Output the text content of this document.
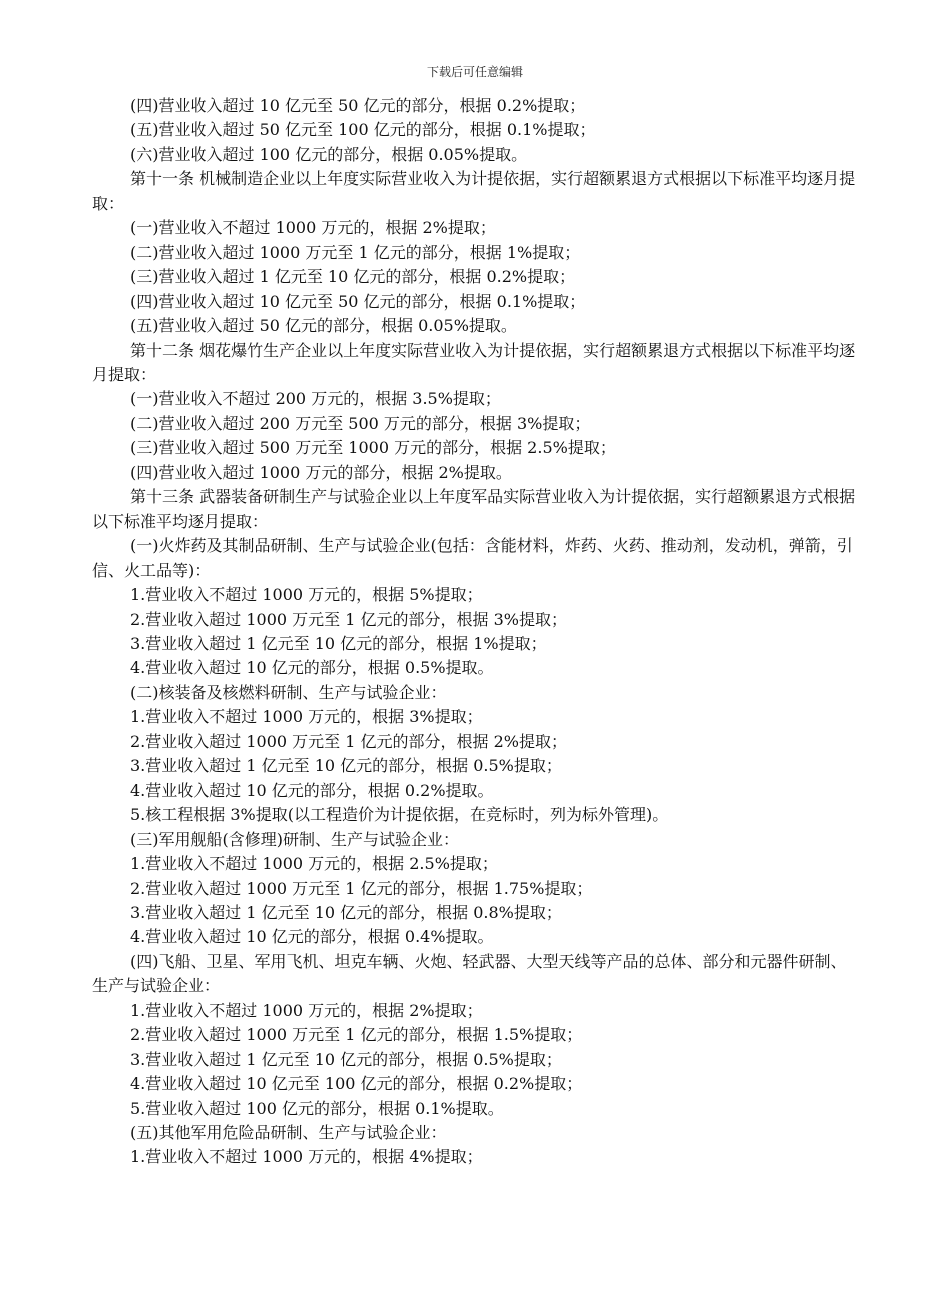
下载后可任意编辑

(四)营业收入超过 10 亿元至 50 亿元的部分，根据 0.2%提取；

(五)营业收入超过 50 亿元至 100 亿元的部分，根据 0.1%提取；

(六)营业收入超过 100 亿元的部分，根据 0.05%提取。

第十一条 机械制造企业以上年度实际营业收入为计提依据，实行超额累退方式根据以下标准平均逐月提取：

(一)营业收入不超过 1000 万元的，根据 2%提取；

(二)营业收入超过 1000 万元至 1 亿元的部分，根据 1%提取；

(三)营业收入超过 1 亿元至 10 亿元的部分，根据 0.2%提取；

(四)营业收入超过 10 亿元至 50 亿元的部分，根据 0.1%提取；

(五)营业收入超过 50 亿元的部分，根据 0.05%提取。

第十二条 烟花爆竹生产企业以上年度实际营业收入为计提依据，实行超额累退方式根据以下标准平均逐月提取：

(一)营业收入不超过 200 万元的，根据 3.5%提取；

(二)营业收入超过 200 万元至 500 万元的部分，根据 3%提取；

(三)营业收入超过 500 万元至 1000 万元的部分，根据 2.5%提取；

(四)营业收入超过 1000 万元的部分，根据 2%提取。

第十三条 武器装备研制生产与试验企业以上年度军品实际营业收入为计提依据，实行超额累退方式根据以下标准平均逐月提取：

(一)火炸药及其制品研制、生产与试验企业(包括：含能材料，炸药、火药、推动剂，发动机，弹箭，引信、火工品等)：

1.营业收入不超过 1000 万元的，根据 5%提取；

2.营业收入超过 1000 万元至 1 亿元的部分，根据 3%提取；

3.营业收入超过 1 亿元至 10 亿元的部分，根据 1%提取；

4.营业收入超过 10 亿元的部分，根据 0.5%提取。

(二)核装备及核燃料研制、生产与试验企业：

1.营业收入不超过 1000 万元的，根据 3%提取；

2.营业收入超过 1000 万元至 1 亿元的部分，根据 2%提取；

3.营业收入超过 1 亿元至 10 亿元的部分，根据 0.5%提取；

4.营业收入超过 10 亿元的部分，根据 0.2%提取。

5.核工程根据 3%提取(以工程造价为计提依据，在竞标时，列为标外管理)。

(三)军用舰船(含修理)研制、生产与试验企业：

1.营业收入不超过 1000 万元的，根据 2.5%提取；

2.营业收入超过 1000 万元至 1 亿元的部分，根据 1.75%提取；

3.营业收入超过 1 亿元至 10 亿元的部分，根据 0.8%提取；

4.营业收入超过 10 亿元的部分，根据 0.4%提取。

(四)飞船、卫星、军用飞机、坦克车辆、火炮、轻武器、大型天线等产品的总体、部分和元器件研制、生产与试验企业：

1.营业收入不超过 1000 万元的，根据 2%提取；

2.营业收入超过 1000 万元至 1 亿元的部分，根据 1.5%提取；

3.营业收入超过 1 亿元至 10 亿元的部分，根据 0.5%提取；

4.营业收入超过 10 亿元至 100 亿元的部分，根据 0.2%提取；

5.营业收入超过 100 亿元的部分，根据 0.1%提取。

(五)其他军用危险品研制、生产与试验企业：

1.营业收入不超过 1000 万元的，根据 4%提取；
